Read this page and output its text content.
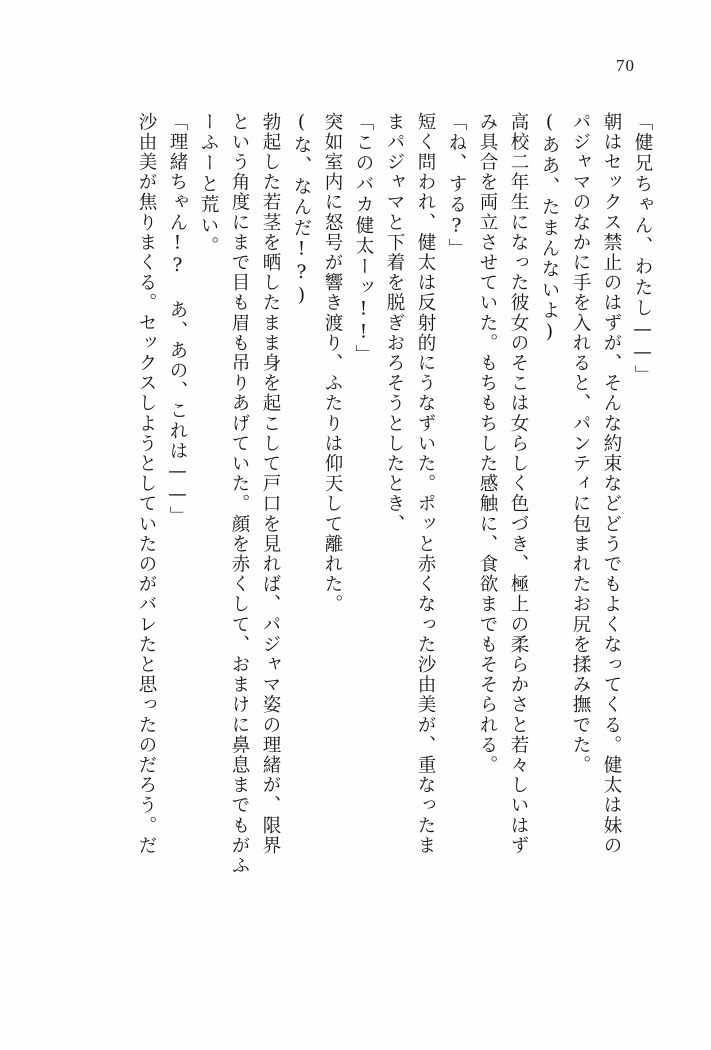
70
「健兄ちゃん、わたし——」
朝はセックス禁止のはずが、そんな約束などどうでもよくなってくる。健太は妹の
パジャマのなかに手を入れると、パンティに包まれたお尻を揉み撫でた。
(ああ、たまんないよ)
高校二年生になった彼女のそこは女らしく色づき、極上の柔らかさと若々しいはず
み具合を両立させていた。もちもちした感触に、食欲までもそそられる。
「ね、する?」
短く問われ、健太は反射的にうなずいた。ポッと赤くなった沙由美が、重なったま
まパジャマと下着を脱ぎおろそうとしたとき、
「このバカ健太ーッ!!」
突如室内に怒号が響き渡り、ふたりは仰天して離れた。
(な、なんだ!?)
勃起した若茎を晒したまま身を起こして戸口を見れば、パジャマ姿の理緒が、限界
という角度にまで目も眉も吊りあげていた。顔を赤くして、おまけに鼻息までもがふ
ーふーと荒い。
「理緒ちゃん!? あ、あの、これは——」
沙由美が焦りまくる。セックスしようとしていたのがバレたと思ったのだろう。だ
